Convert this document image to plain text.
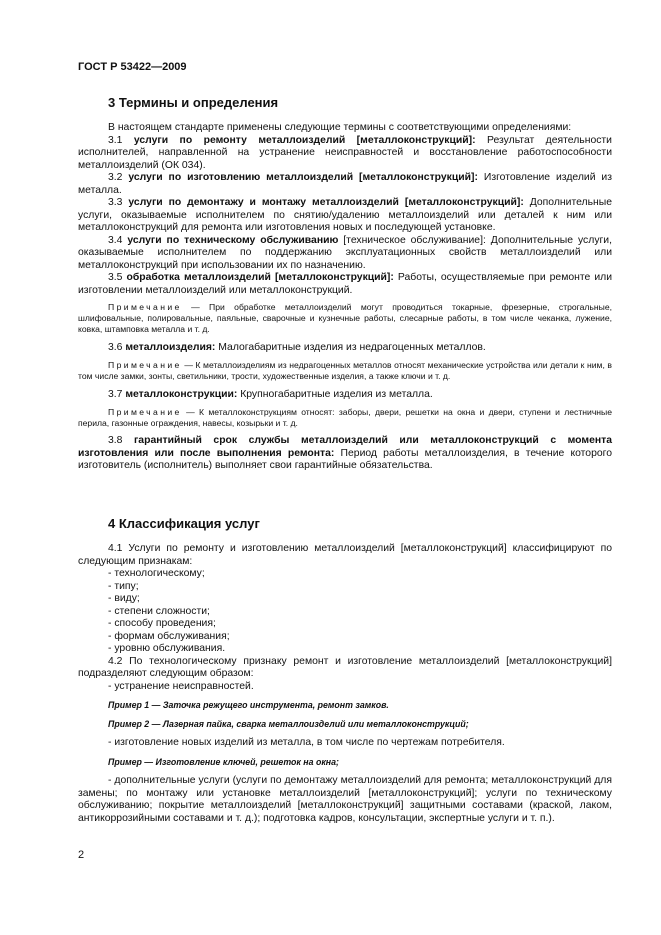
ГОСТ Р 53422—2009
3 Термины и определения

В настоящем стандарте применены следующие термины с соответствующими определениями:

3.1 услуги по ремонту металлоизделий [металлоконструкций]: Результат деятельности исполнителей, направленной на устранение неисправностей и восстановление работоспособности металлоизделий (ОК 034).

3.2 услуги по изготовлению металлоизделий [металлоконструкций]: Изготовление изделий из металла.

3.3 услуги по демонтажу и монтажу металлоизделий [металлоконструкций]: Дополнительные услуги, оказываемые исполнителем по снятию/удалению металлоизделий или деталей к ним или металлоконструкций для ремонта или изготовления новых и последующей установке.

3.4 услуги по техническому обслуживанию [техническое обслуживание]: Дополнительные услуги, оказываемые исполнителем по поддержанию эксплуатационных свойств металлоизделий или металлоконструкций при использовании их по назначению.

3.5 обработка металлоизделий [металлоконструкций]: Работы, осуществляемые при ремонте или изготовлении металлоизделий или металлоконструкций.

Примечание — При обработке металлоизделий могут проводиться токарные, фрезерные, строгальные, шлифовальные, полировальные, паяльные, сварочные и кузнечные работы, слесарные работы, в том числе чеканка, лужение, ковка, штамповка металла и т. д.

3.6 металлоизделия: Малогабаритные изделия из недрагоценных металлов.

Примечание — К металлоизделиям из недрагоценных металлов относят механические устройства или детали к ним, в том числе замки, зонты, светильники, трости, художественные изделия, а также ключи и т. д.

3.7 металлоконструкции: Крупногабаритные изделия из металла.

Примечание — К металлоконструкциям относят: заборы, двери, решетки на окна и двери, ступени и лестничные перила, газонные ограждения, навесы, козырьки и т. д.

3.8 гарантийный срок службы металлоизделий или металлоконструкций с момента изготовления или после выполнения ремонта: Период работы металлоизделия, в течение которого изготовитель (исполнитель) выполняет свои гарантийные обязательства.

4 Классификация услуг

4.1 Услуги по ремонту и изготовлению металлоизделий [металлоконструкций] классифицируют по следующим признакам:

- технологическому;
- типу;
- виду;
- степени сложности;
- способу проведения;
- формам обслуживания;
- уровню обслуживания.

4.2 По технологическому признаку ремонт и изготовление металлоизделий [металлоконструкций] подразделяют следующим образом:

- устранение неисправностей.

Пример 1 — Заточка режущего инструмента, ремонт замков.

Пример 2 — Лазерная пайка, сварка металлоизделий или металлоконструкций;

- изготовление новых изделий из металла, в том числе по чертежам потребителя.

Пример — Изготовление ключей, решеток на окна;

- дополнительные услуги (услуги по демонтажу металлоизделий для ремонта; металлоконструкций для замены; по монтажу или установке металлоизделий [металлоконструкций]; услуги по техническому обслуживанию; покрытие металлоизделий [металлоконструкций] защитными составами (краской, лаком, антикоррозийными составами и т. д.); подготовка кадров, консультации, экспертные услуги и т. п.).

2
